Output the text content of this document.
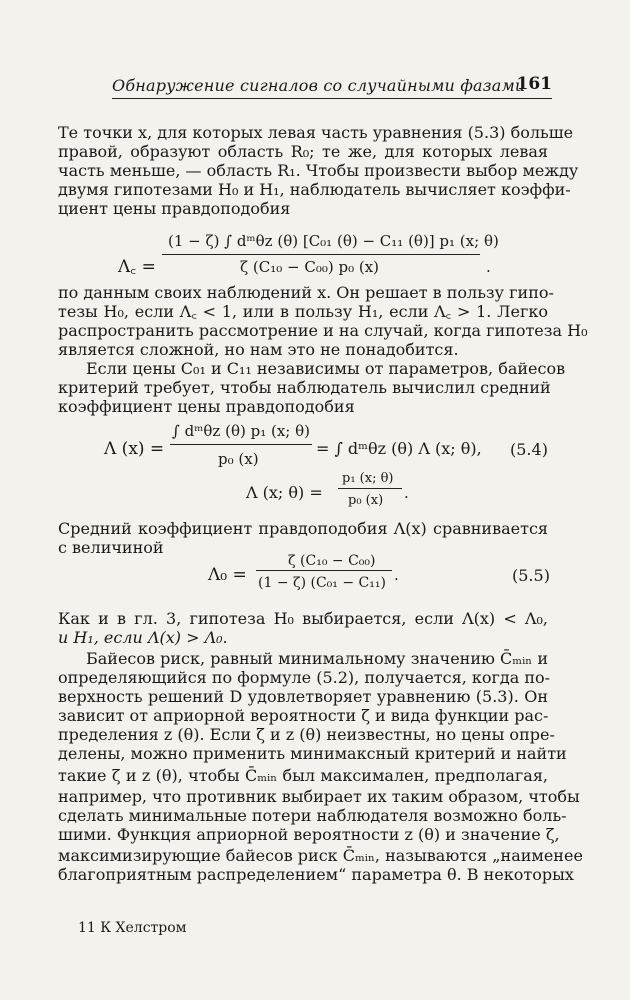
Обнаружение сигналов со случайными фазами
161
Те точки x, для которых левая часть уравнения (5.3) больше
правой, образуют область R₀; те же, для которых левая
часть меньше, — область R₁. Чтобы произвести выбор между
двумя гипотезами H₀ и H₁, наблюдатель вычисляет коэффи-
циент цены правдоподобия
Λ꜀ =
(1 − ζ) ∫ dᵐθz (θ) [C₀₁ (θ) − C₁₁ (θ)] p₁ (x; θ)
ζ (C₁₀ − C₀₀) p₀ (x)	.
по данным своих наблюдений x. Он решает в пользу гипо-
тезы H₀, если Λ꜀ < 1, или в пользу H₁, если Λ꜀ > 1. Легко
распространить рассмотрение и на случай, когда гипотеза H₀
является сложной, но нам это не понадобится.
Если цены C₀₁ и C₁₁ независимы от параметров, байесов
критерий требует, чтобы наблюдатель вычислил средний
коэффициент цены правдоподобия
Λ (x) =
∫ dᵐθz (θ) p₁ (x; θ)
p₀ (x)
= ∫ dᵐθz (θ) Λ (x; θ), (5.4)
Λ (x; θ) =
p₁ (x; θ)
p₀ (x) .
Средний коэффициент правдоподобия Λ(x) сравнивается
с величиной
Λ₀ =
ζ (C₁₀ − C₀₀)
(1 − ζ) (C₀₁ − C₁₁) .	(5.5)
Как и в гл. 3, гипотеза H₀ выбирается, если Λ(x) < Λ₀,
и H₁, если Λ(x) > Λ₀.
Байесов риск, равный минимальному значению C̄ₘᵢₙ и
определяющийся по формуле (5.2), получается, когда по-
верхность решений D удовлетворяет уравнению (5.3). Он
зависит от априорной вероятности ζ и вида функции рас-
пределения z (θ). Если ζ и z (θ) неизвестны, но цены опре-
делены, можно применить минимаксный критерий и найти
такие ζ и z (θ), чтобы C̄ₘᵢₙ был максимален, предполагая,
например, что противник выбирает их таким образом, чтобы
сделать минимальные потери наблюдателя возможно боль-
шими. Функция априорной вероятности z (θ) и значение ζ,
максимизирующие байесов риск C̄ₘᵢₙ, называются „наименее
благоприятным распределением“ параметра θ. В некоторых
11 К Хелстром
